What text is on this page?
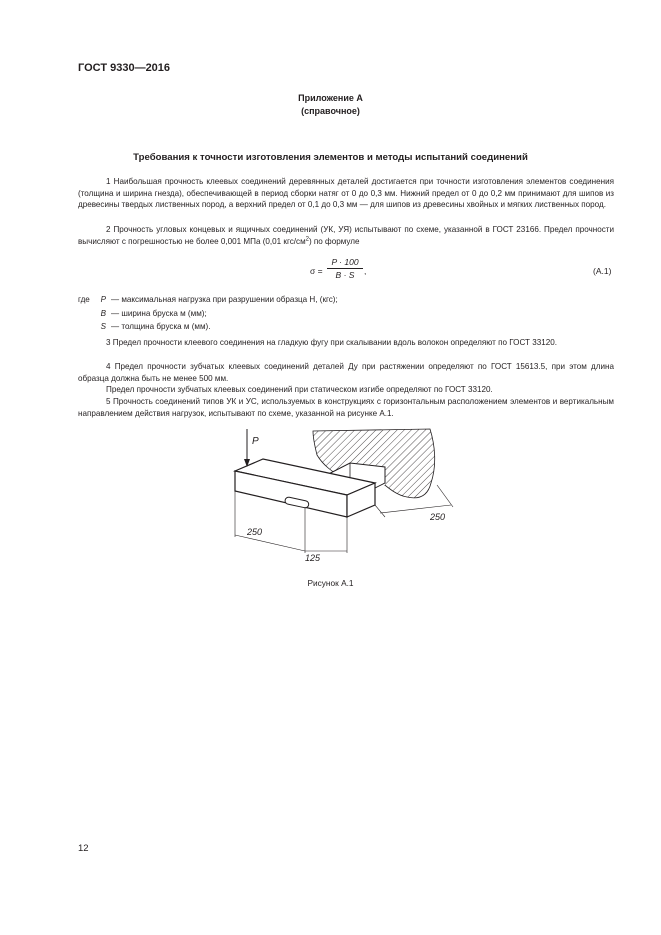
ГОСТ 9330—2016
Приложение А
(справочное)
Требования к точности изготовления элементов и методы испытаний соединений

1 Наибольшая прочность клеевых соединений деревянных деталей достигается при точности изготовления элементов соединения (толщина и ширина гнезда), обеспечивающей в период сборки натяг от 0 до 0,3 мм. Нижний предел от 0 до 0,2 мм принимают для шипов из древесины твердых лиственных пород, а верхний предел от 0,1 до 0,3 мм — для шипов из древесины хвойных и мягких лиственных пород.

2 Прочность угловых концевых и ящичных соединений (УК, УЯ) испытывают по схеме, указанной в ГОСТ 23166. Предел прочности вычисляют с погрешностью не более 0,001 МПа (0,01 кгс/$см^2$) по формуле

$\sigma = \frac{P \cdot 100}{B \cdot S}$ ,	(А.1)
где	P — максимальная нагрузка при разрушении образца Н, (кгс);
B — ширина бруска м (мм);
S — толщина бруска м (мм).

3 Предел прочности клеевого соединения на гладкую фугу при скалывании вдоль волокон определяют по ГОСТ 33120.

4 Предел прочности зубчатых клеевых соединений деталей Ду при растяжении определяют по ГОСТ 15613.5, при этом длина образца должна быть не менее 500 мм.

Предел прочности зубчатых клеевых соединений при статическом изгибе определяют по ГОСТ 33120.

5 Прочность соединений типов УК и УС, используемых в конструкциях с горизонтальным расположением элементов и вертикальным направлением действия нагрузок, испытывают по схеме, указанной на рисунке А.1.

P
250
125
250
Рисунок А.1
12
